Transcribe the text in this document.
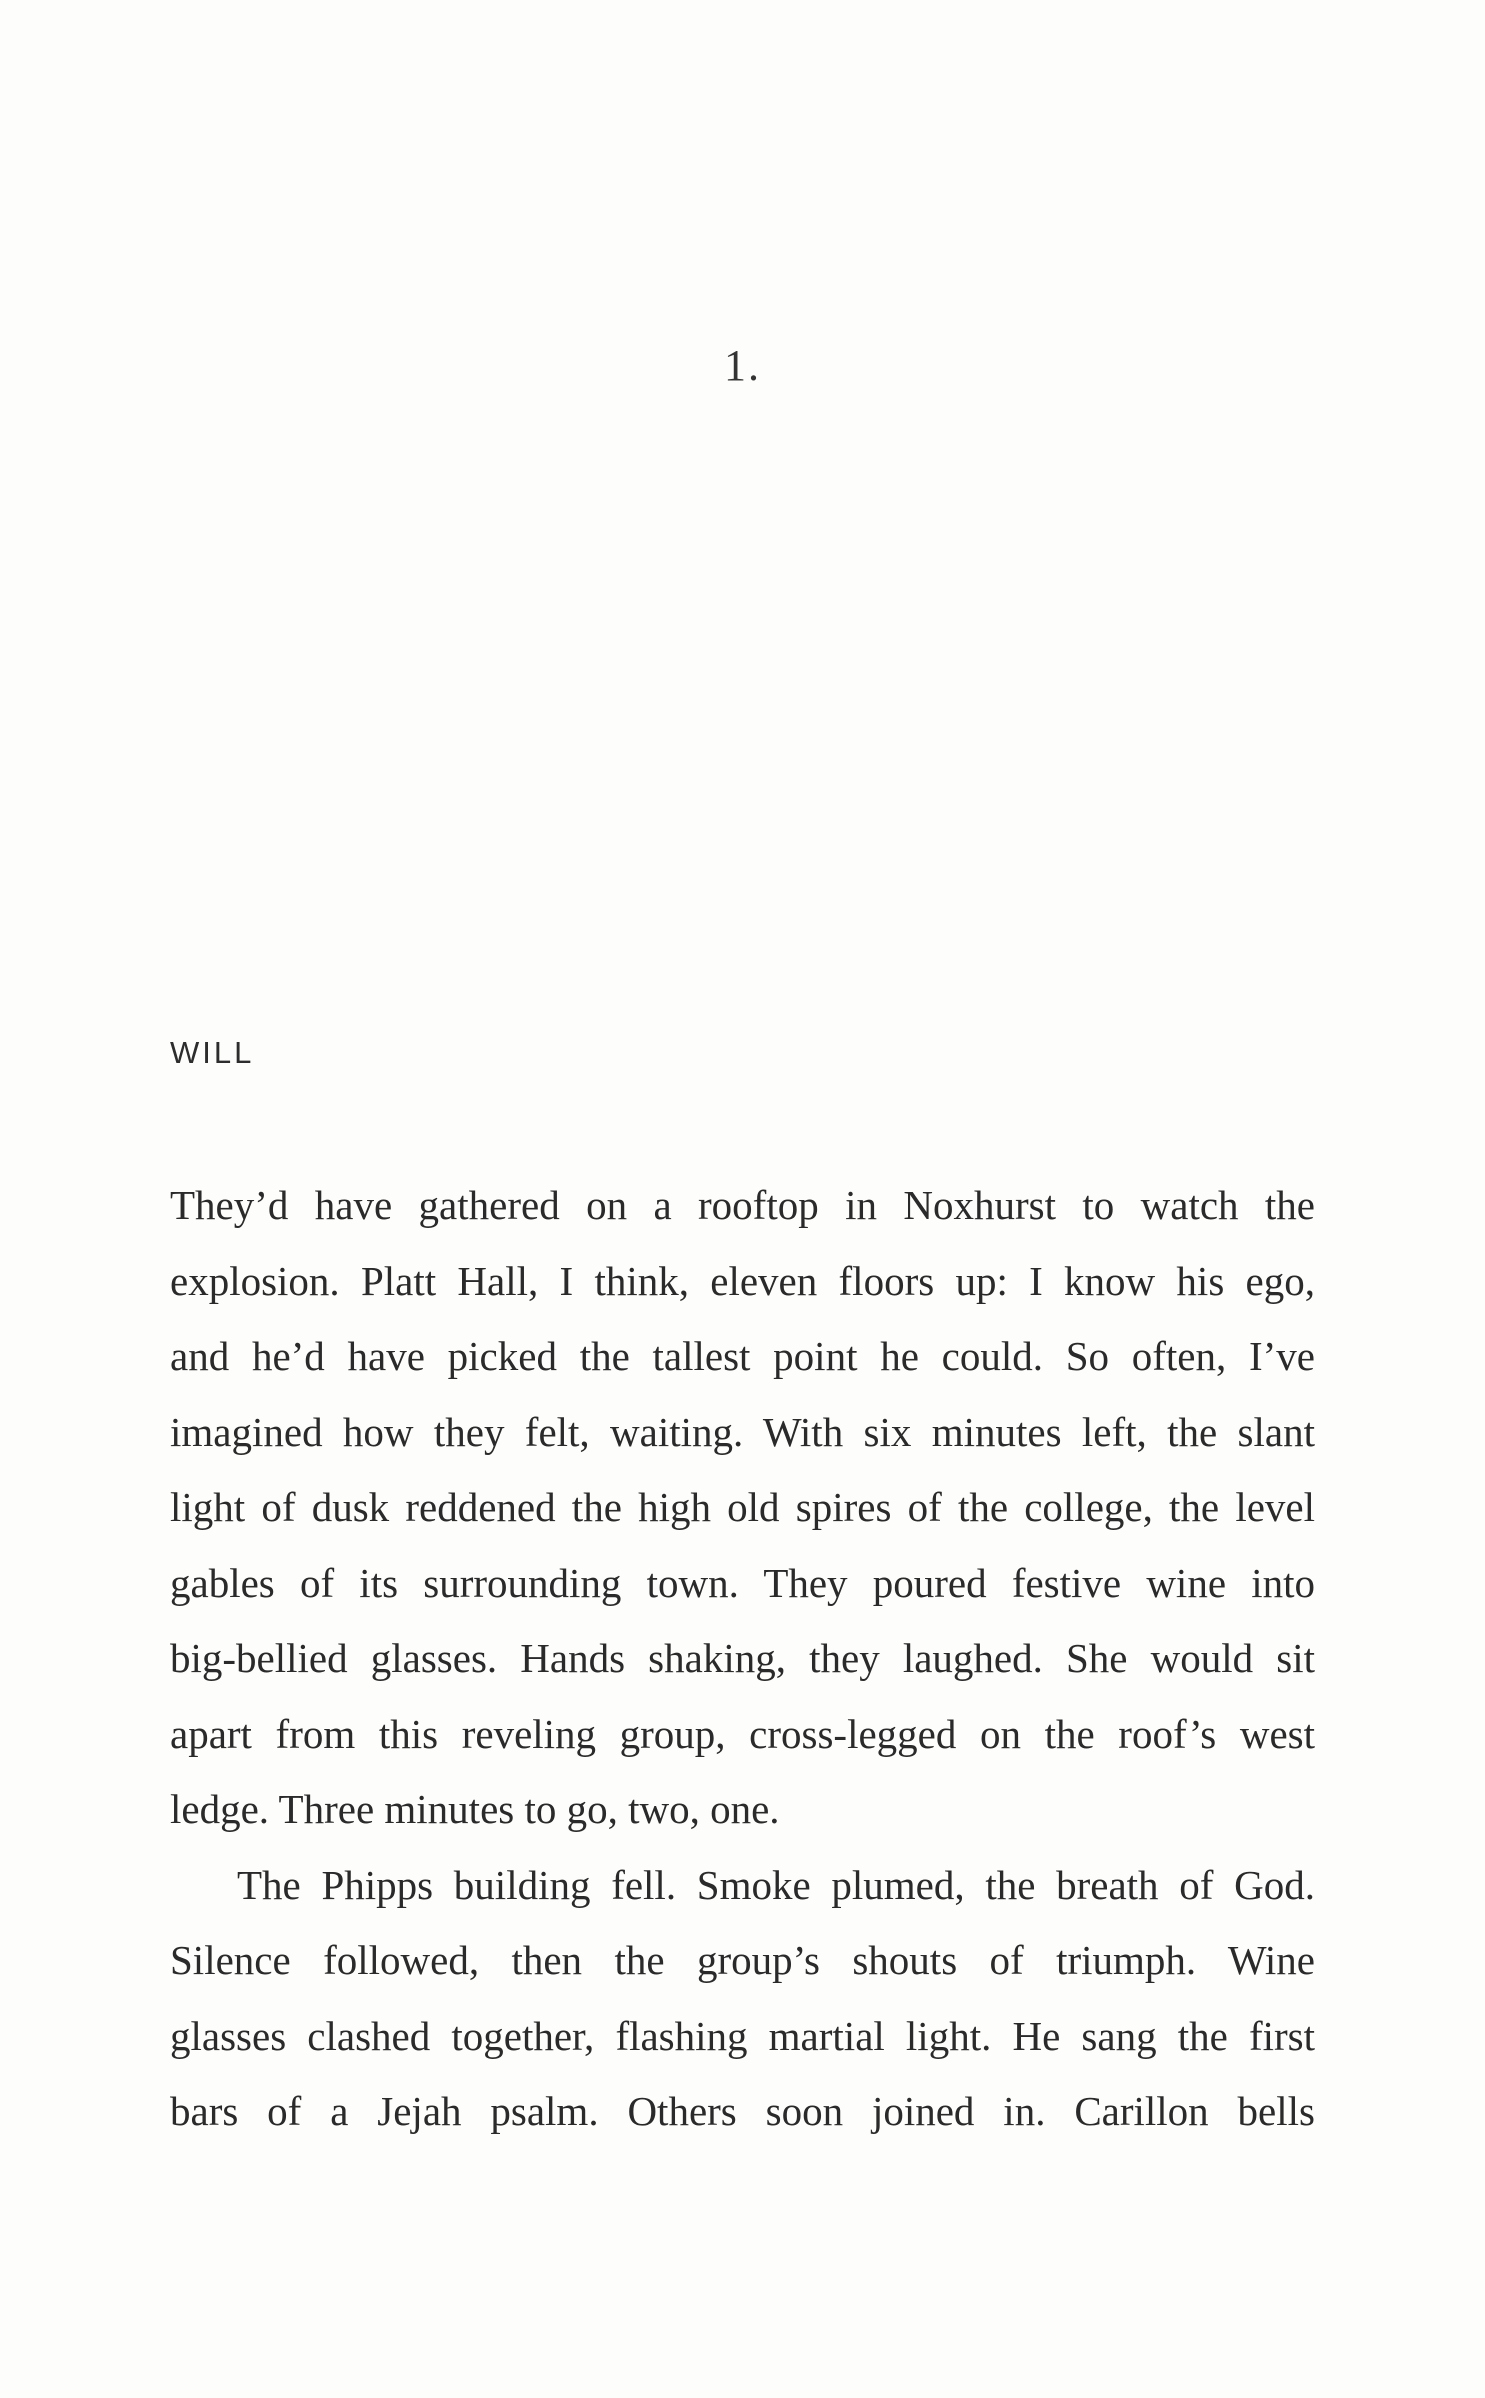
1.
WILL
They’d have gathered on a rooftop in Noxhurst to watch the
explosion. Platt Hall, I think, eleven floors up: I know his ego,
and he’d have picked the tallest point he could. So often, I’ve
imagined how they felt, waiting. With six minutes left, the slant
light of dusk reddened the high old spires of the college, the level
gables of its surrounding town. They poured festive wine into
big-bellied glasses. Hands shaking, they laughed. She would sit
apart from this reveling group, cross-legged on the roof’s west
ledge. Three minutes to go, two, one.
The Phipps building fell. Smoke plumed, the breath of God.
Silence followed, then the group’s shouts of triumph. Wine
glasses clashed together, flashing martial light. He sang the first
bars of a Jejah psalm. Others soon joined in. Carillon bells
